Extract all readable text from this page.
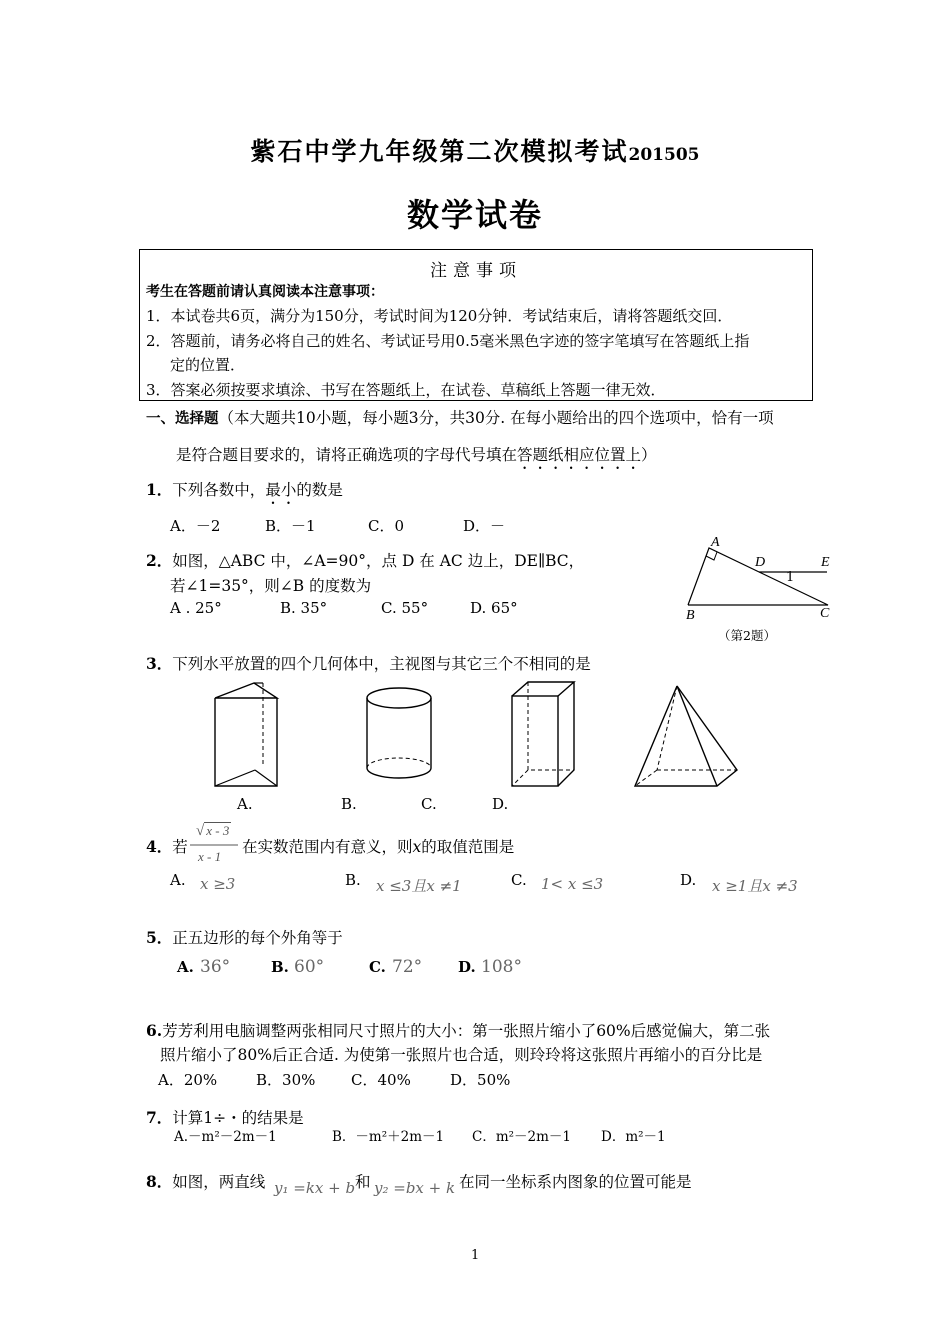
紫石中学九年级第二次模拟考试201505
数学试卷
注意事项
考生在答题前请认真阅读本注意事项：
1．本试卷共6页，满分为150分，考试时间为120分钟．考试结束后，请将答题纸交回．
2．答题前，请务必将自己的姓名、考试证号用0.5毫米黑色字迹的签字笔填写在答题纸上指
定的位置．
3．答案必须按要求填涂、书写在答题纸上，在试卷、草稿纸上答题一律无效．
一、选择题（本大题共10小题，每小题3分，共30分. 在每小题给出的四个选项中，恰有一项
是符合题目要求的，请将正确选项的字母代号填在答题纸相应位置上）
1．下列各数中，最小的数是
A．－2	B．－1	C．0	D．－
2．如图，△ABC 中，∠A=90°，点 D 在 AC 边上，DE∥BC，
若∠1=35°，则∠B 的度数为
A . 25°	B. 35°	C. 55°	D. 65°
A
D	E
1
B	C
（第2题）
3．下列水平放置的四个几何体中，主视图与其它三个不相同的是
A.	B.	C.	D.
4．若
√ x - 3
x - 1
在实数范围内有意义，则x的取值范围是
A. x ≥3	B. x ≤3且x ≠1	C. 1< x ≤3	D. x ≥1且x ≠3
5．正五边形的每个外角等于
A. 36°	B. 60°	C. 72° D. 108°
6.芳芳利用电脑调整两张相同尺寸照片的大小：第一张照片缩小了60%后感觉偏大，第二张
照片缩小了80%后正合适. 为使第一张照片也合适，则玲玲将这张照片再缩小的百分比是
A．20%	B．30% C．40%	D．50%
7．计算1÷・的结果是
A.－m²－2m－1	B．－m²＋2m－1 C．m²－2m－1 D．m²－1
8．如图，两直线 y₁ =kx + b 和 y₂ =bx + k 在同一坐标系内图象的位置可能是
1
